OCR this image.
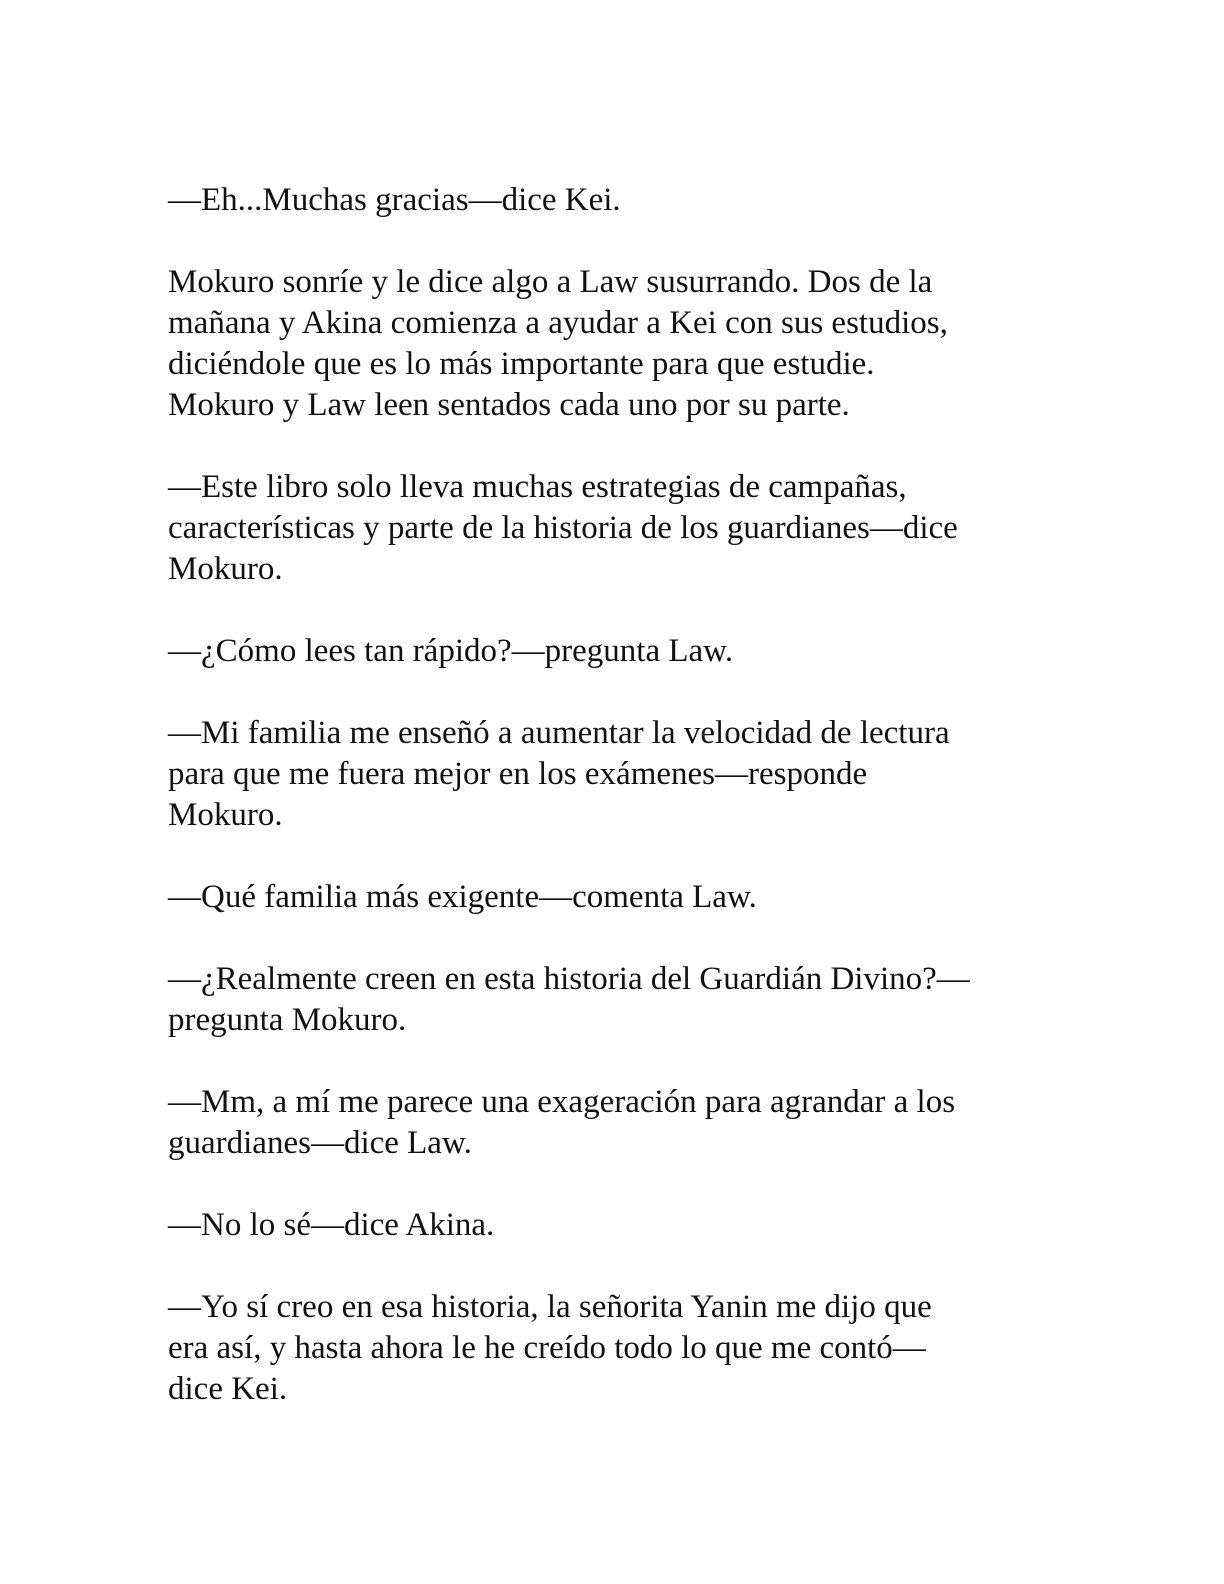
—Eh...Muchas gracias—dice Kei.
Mokuro sonríe y le dice algo a Law susurrando. Dos de la
mañana y Akina comienza a ayudar a Kei con sus estudios,
diciéndole que es lo más importante para que estudie.
Mokuro y Law leen sentados cada uno por su parte.
—Este libro solo lleva muchas estrategias de campañas,
características y parte de la historia de los guardianes—dice
Mokuro.
—¿Cómo lees tan rápido?—pregunta Law.
—Mi familia me enseñó a aumentar la velocidad de lectura
para que me fuera mejor en los exámenes—responde
Mokuro.
—Qué familia más exigente—comenta Law.
—¿Realmente creen en esta historia del Guardián Divino?—
pregunta Mokuro.
—Mm, a mí me parece una exageración para agrandar a los
guardianes—dice Law.
—No lo sé—dice Akina.
—Yo sí creo en esa historia, la señorita Yanin me dijo que
era así, y hasta ahora le he creído todo lo que me contó—
dice Kei.
